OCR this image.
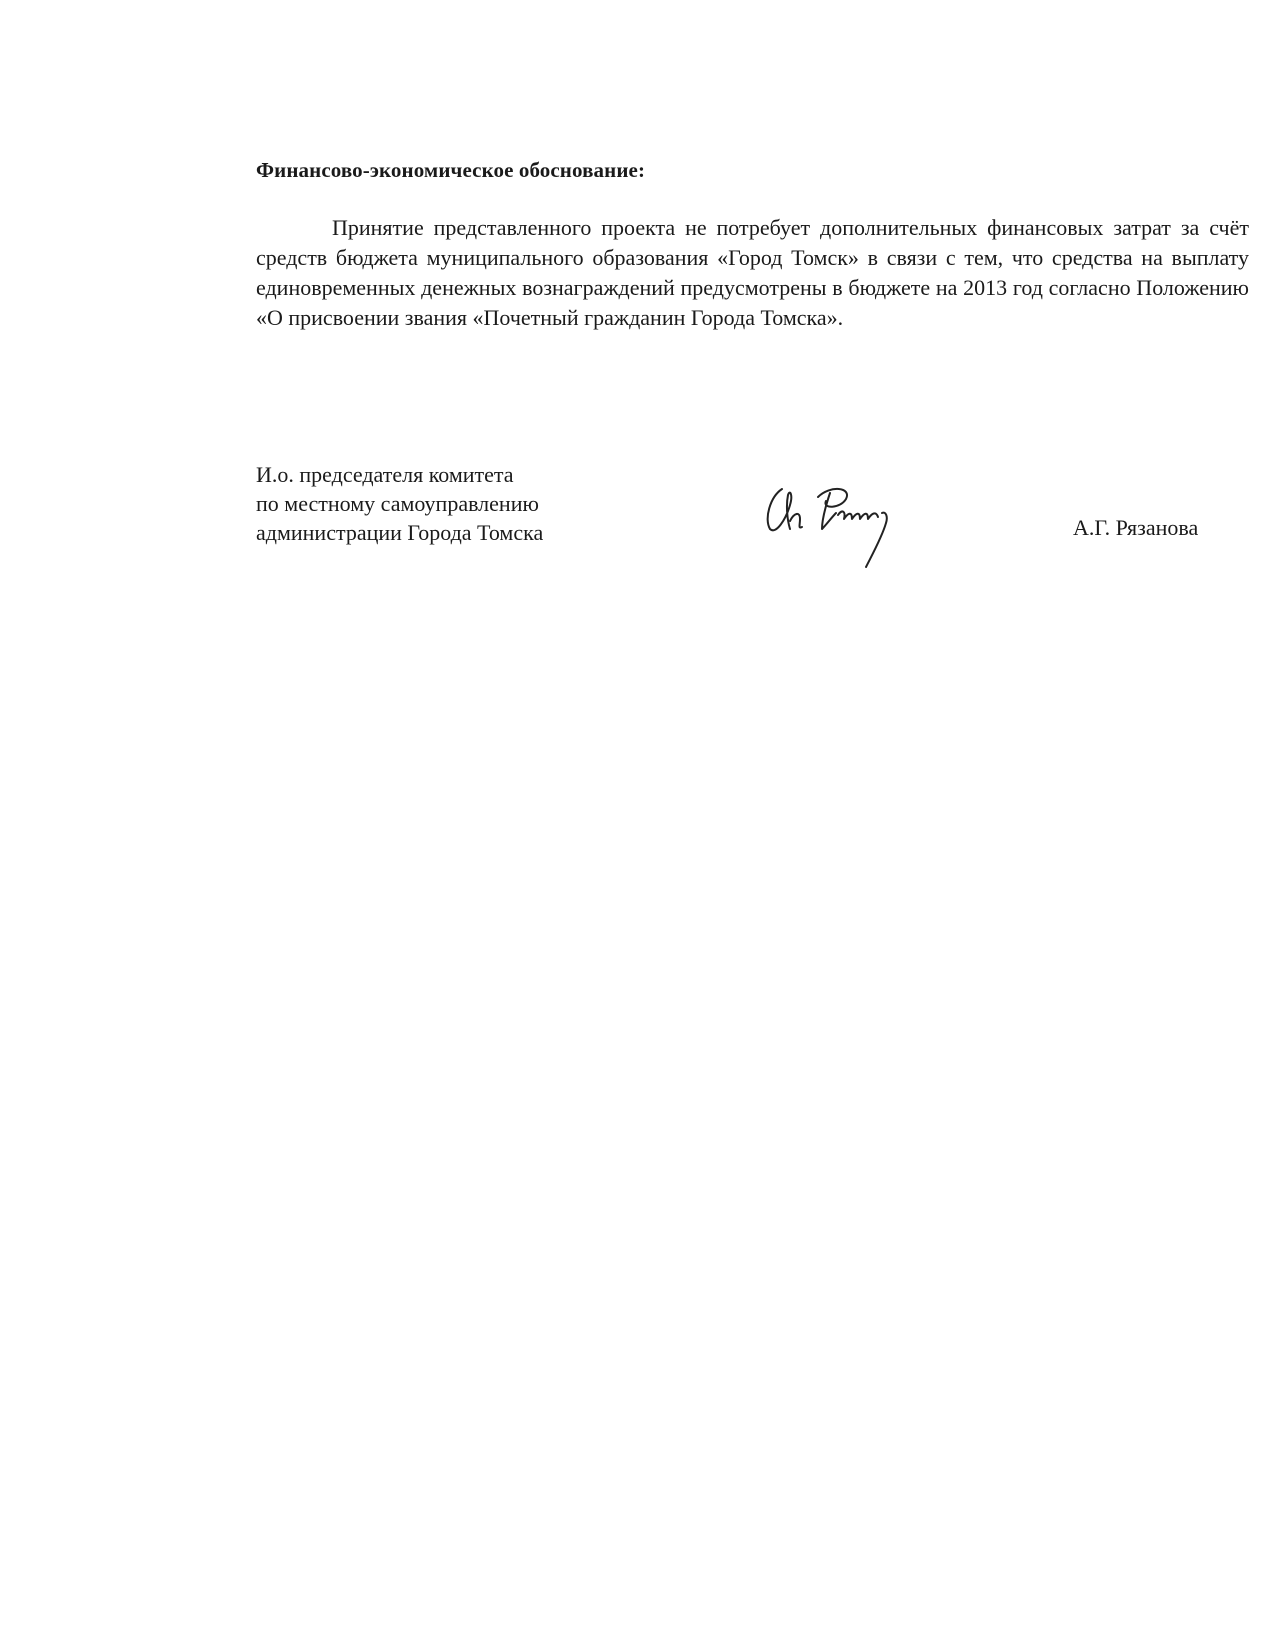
Финансово-экономическое обоснование:

Принятие представленного проекта не потребует дополнительных финансовых затрат за счёт средств бюджета муниципального образования «Город Томск» в связи с тем, что средства на выплату единовременных денежных вознаграждений предусмотрены в бюджете на 2013 год согласно Положению «О присвоении звания «Почетный гражданин Города Томска».

И.о. председателя комитета
по местному самоуправлению
администрации Города Томска	А.Г. Рязанова
